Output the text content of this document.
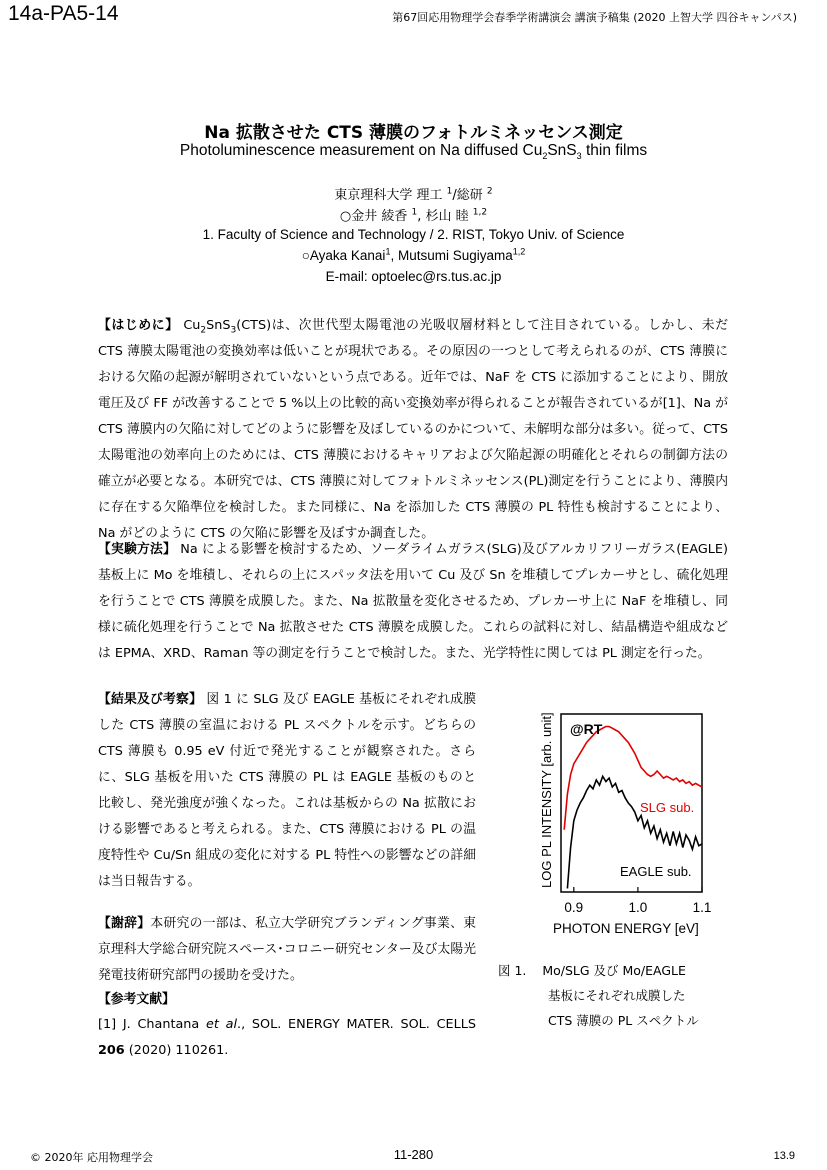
14a-PA5-14	第67回応用物理学会春季学術講演会 講演予稿集 (2020 上智大学 四谷キャンパス)
Na 拡散させた CTS 薄膜のフォトルミネッセンス測定
Photoluminescence measurement on Na diffused $Cu_2SnS_3$ thin films
東京理科大学 理工 $^1$/総研 $^2$
○金井 綾香 $^1$, 杉山 睦 $^{1,2}$
1. Faculty of Science and Technology / 2. RIST, Tokyo Univ. of Science
○Ayaka Kanai$^1$, Mutsumi Sugiyama$^{1,2}$
E-mail: optoelec@rs.tus.ac.jp
【はじめに】 $Cu_2SnS_3(CTS)$は、次世代型太陽電池の光吸収層材料として注目されている。しかし、未だ CTS 薄膜太陽電池の変換効率は低いことが現状である。その原因の一つとして考えられるのが、CTS 薄膜における欠陥の起源が解明されていないという点である。近年では、NaF を CTS に添加することにより、開放電圧及び FF が改善することで 5 %以上の比較的高い変換効率が得られることが報告されているが[1]、Na が CTS 薄膜内の欠陥に対してどのように影響を及ぼしているのかについて、未解明な部分は多い。従って、CTS 太陽電池の効率向上のためには、CTS 薄膜におけるキャリアおよび欠陥起源の明確化とそれらの制御方法の確立が必要となる。本研究では、CTS 薄膜に対してフォトルミネッセンス(PL)測定を行うことにより、薄膜内に存在する欠陥準位を検討した。また同様に、Na を添加した CTS 薄膜の PL 特性も検討することにより、Na がどのように CTS の欠陥に影響を及ぼすか調査した。
【実験方法】 Na による影響を検討するため、ソーダライムガラス(SLG)及びアルカリフリーガラス(EAGLE)基板上に Mo を堆積し、それらの上にスパッタ法を用いて Cu 及び Sn を堆積してプレカーサとし、硫化処理を行うことで CTS 薄膜を成膜した。また、Na 拡散量を変化させるため、プレカーサ上に NaF を堆積し、同様に硫化処理を行うことで Na 拡散させた CTS 薄膜を成膜した。これらの試料に対し、結晶構造や組成などは EPMA、XRD、Raman 等の測定を行うことで検討した。また、光学特性に関しては PL 測定を行った。
【結果及び考察】 図 1 に SLG 及び EAGLE 基板にそれぞれ成膜した CTS 薄膜の室温における PL スペクトルを示す。どちらの CTS 薄膜も 0.95 eV 付近で発光することが観察された。さらに、SLG 基板を用いた CTS 薄膜の PL は EAGLE 基板のものと比較し、発光強度が強くなった。これは基板からの Na 拡散における影響であると考えられる。また、CTS 薄膜における PL の温度特性や Cu/Sn 組成の変化に対する PL 特性への影響などの詳細は当日報告する。
【謝辞】本研究の一部は、私立大学研究ブランディング事業、東京理科大学総合研究院スペース･コロニー研究センター及び太陽光発電技術研究部門の援助を受けた。
【参考文献】
[1] J. Chantana et al., SOL. ENERGY MATER. SOL. CELLS 206 (2020) 110261.
@RT
SLG sub.
EAGLE sub.
0.9	1.0	1.1
PHOTON ENERGY [eV]
LOG PL INTENSITY [arb. unit]
図 1. Mo/SLG 及び Mo/EAGLE
基板にそれぞれ成膜した
CTS 薄膜の PL スペクトル
© 2020年 応用物理学会	11-280	13.9
